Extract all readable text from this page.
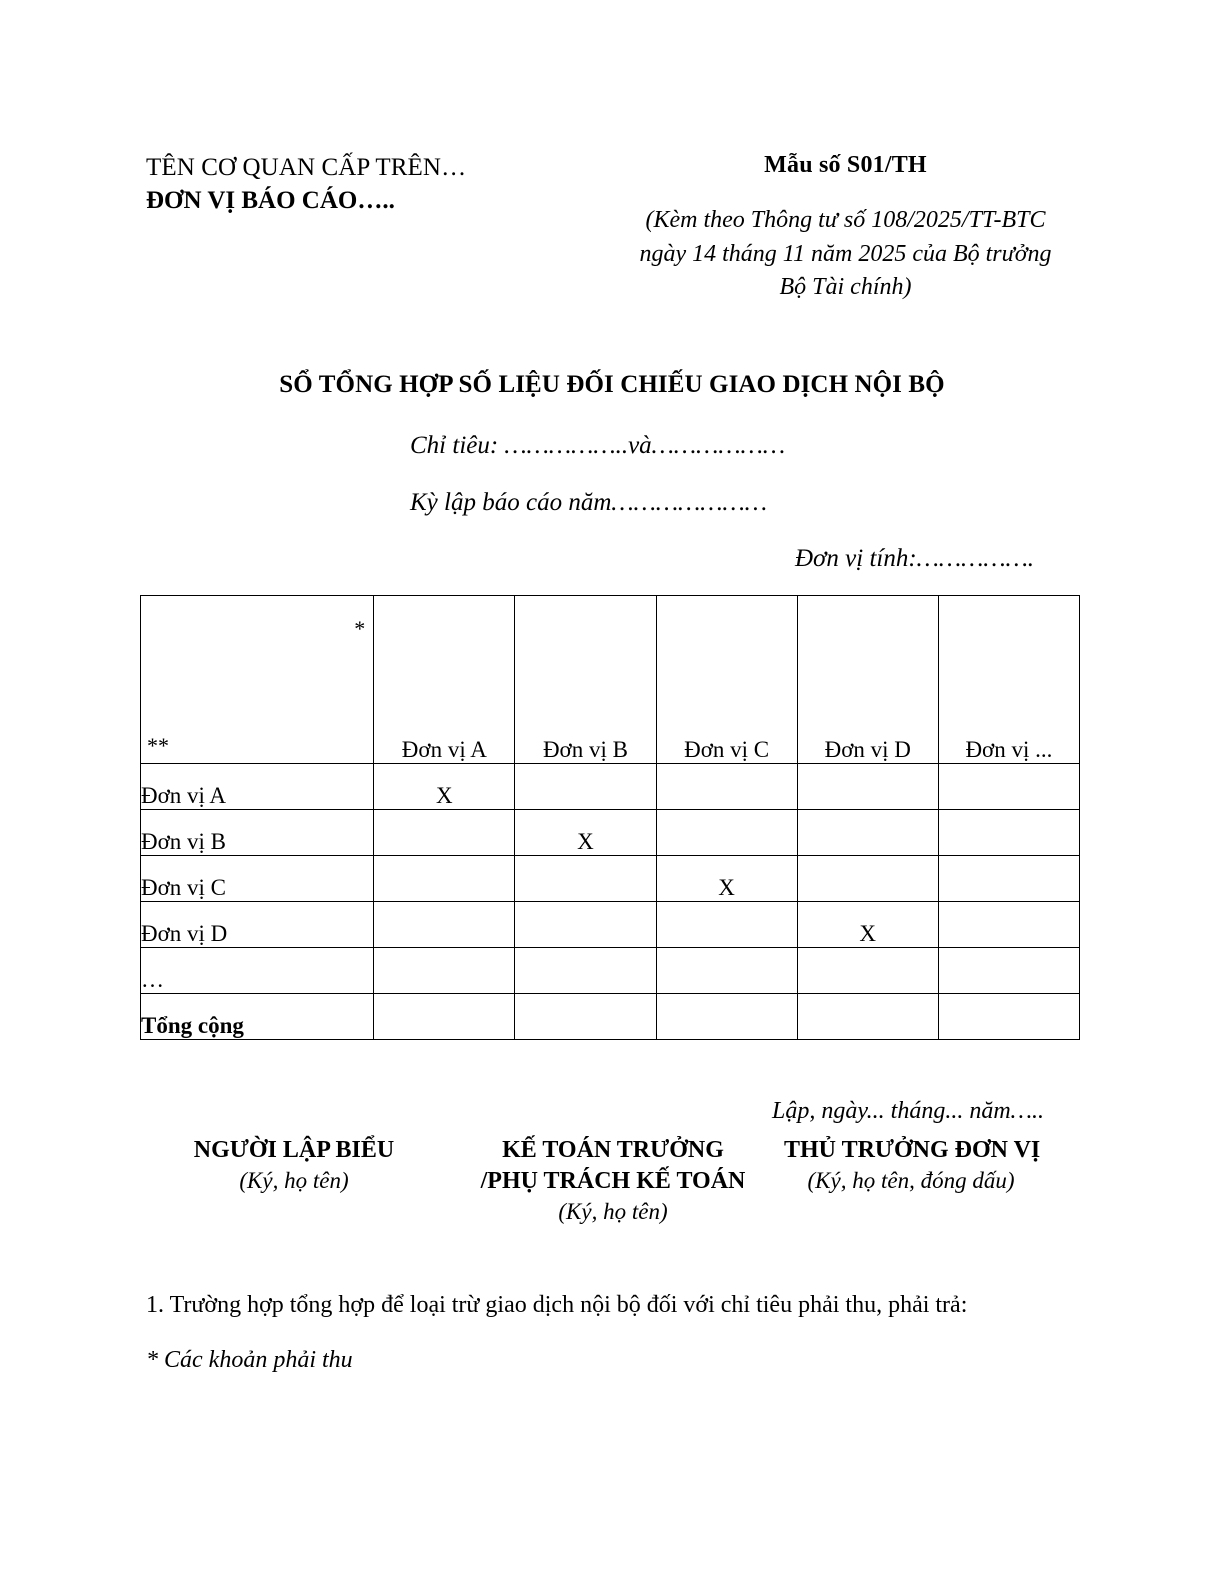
TÊN CƠ QUAN CẤP TRÊN…
ĐƠN VỊ BÁO CÁO…..
Mẫu số S01/TH
(Kèm theo Thông tư số 108/2025/TT-BTC
ngày 14 tháng 11 năm 2025 của Bộ trưởng
Bộ Tài chính)
SỔ TỔNG HỢP SỐ LIỆU ĐỐI CHIẾU GIAO DỊCH NỘI BỘ
Chỉ tiêu: ……………..và………………
Kỳ lập báo cáo năm…………………
Đơn vị tính:…………….
*
**	Đơn vị A	Đơn vị B	Đơn vị C	Đơn vị D	Đơn vị ...
Đơn vị A	X				
Đơn vị B		X			
Đơn vị C			X		
Đơn vị D				X	
…					
Tổng cộng					
Lập, ngày... tháng... năm…..
NGƯỜI LẬP BIỂU
(Ký, họ tên)
KẾ TOÁN TRƯỞNG
/PHỤ TRÁCH KẾ TOÁN
(Ký, họ tên)
THỦ TRƯỞNG ĐƠN VỊ
(Ký, họ tên, đóng dấu)
1. Trường hợp tổng hợp để loại trừ giao dịch nội bộ đối với chỉ tiêu phải thu, phải trả:
* Các khoản phải thu
